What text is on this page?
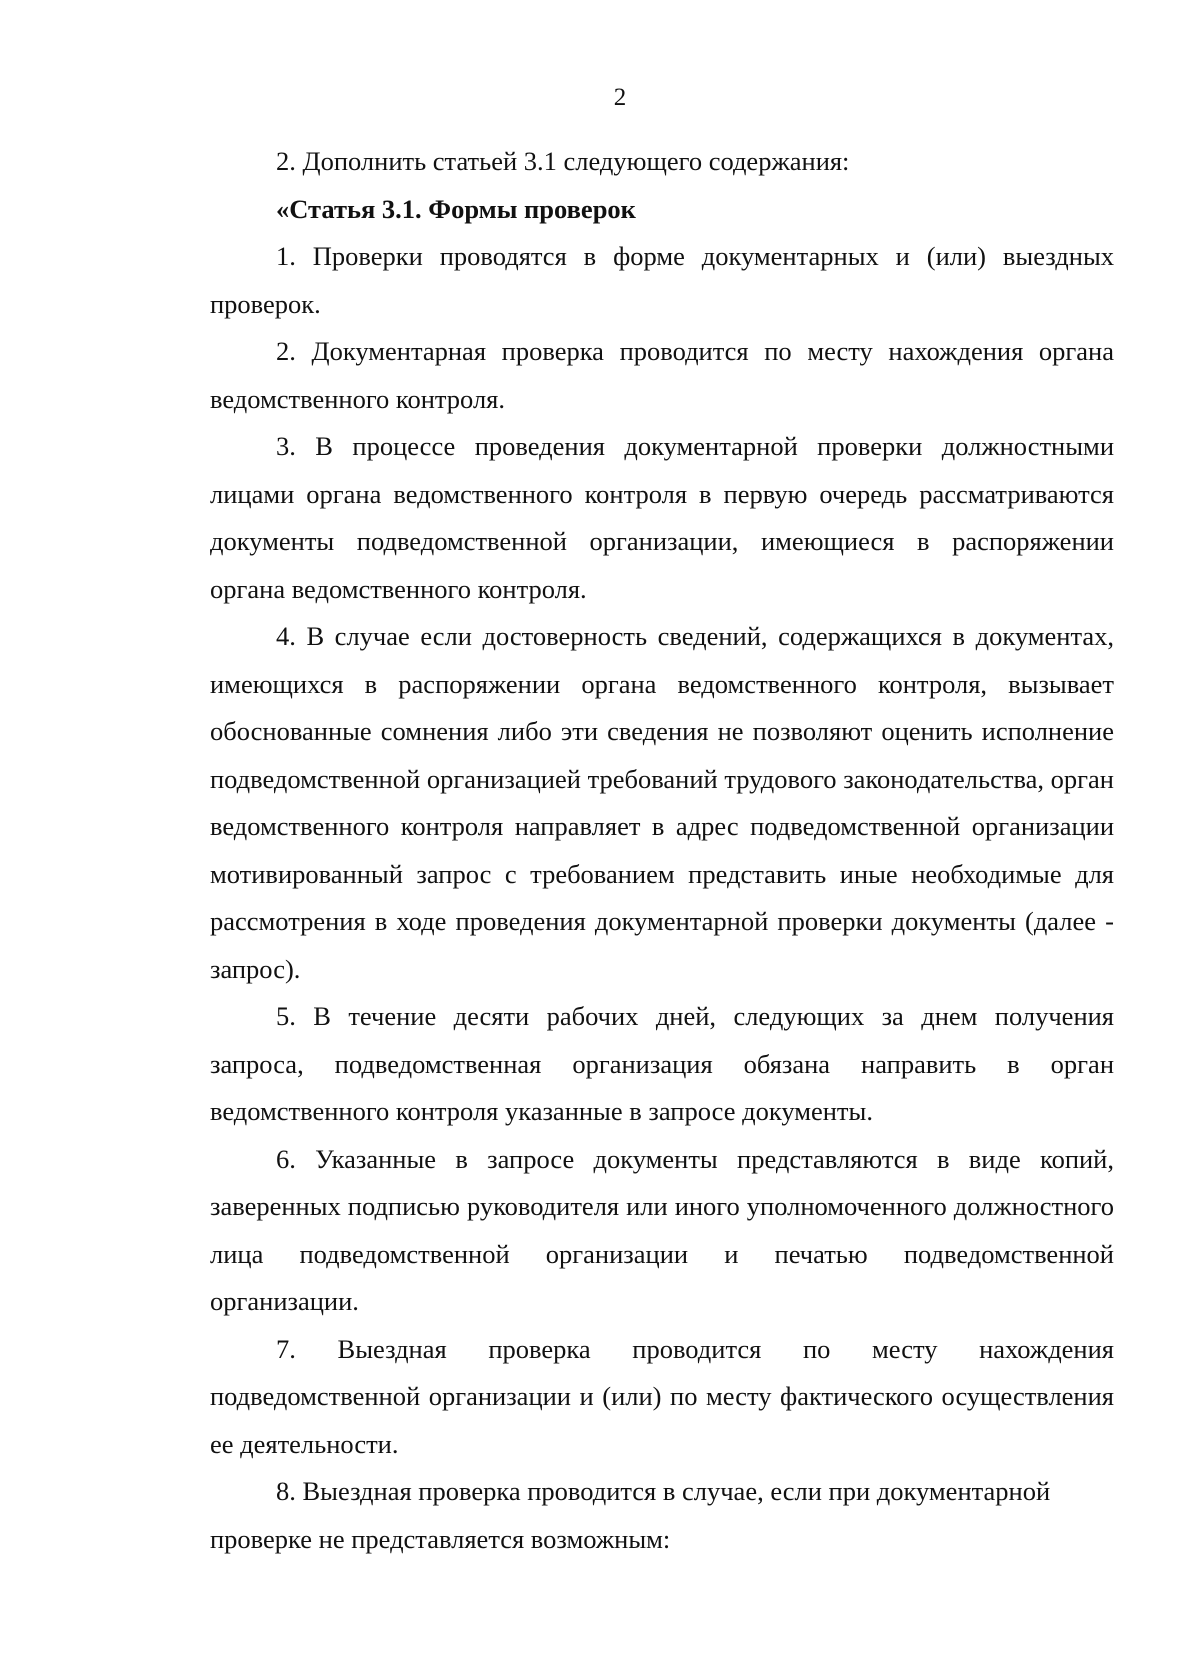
2

2. Дополнить статьей 3.1 следующего содержания:

«Статья 3.1. Формы проверок

1. Проверки проводятся в форме документарных и (или) выездных проверок.

2. Документарная проверка проводится по месту нахождения органа ведомственного контроля.

3. В процессе проведения документарной проверки должностными лицами органа ведомственного контроля в первую очередь рассматриваются документы подведомственной организации, имеющиеся в распоряжении органа ведомственного контроля.

4. В случае если достоверность сведений, содержащихся в документах, имеющихся в распоряжении органа ведомственного контроля, вызывает обоснованные сомнения либо эти сведения не позволяют оценить исполнение подведомственной организацией требований трудового законодательства, орган ведомственного контроля направляет в адрес подведомственной организации мотивированный запрос с требованием представить иные необходимые для рассмотрения в ходе проведения документарной проверки документы (далее - запрос).

5. В течение десяти рабочих дней, следующих за днем получения запроса, подведомственная организация обязана направить в орган ведомственного контроля указанные в запросе документы.

6. Указанные в запросе документы представляются в виде копий, заверенных подписью руководителя или иного уполномоченного должностного лица подведомственной организации и печатью подведомственной организации.

7. Выездная проверка проводится по месту нахождения подведомственной организации и (или) по месту фактического осуществления ее деятельности.

8. Выездная проверка проводится в случае, если при документарной проверке не представляется возможным:
